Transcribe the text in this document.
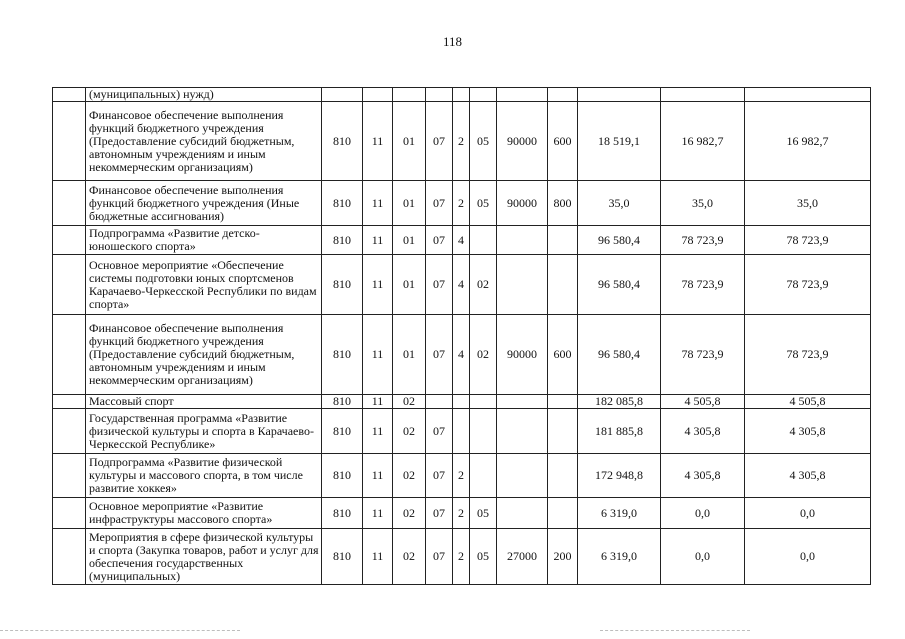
118
	(муниципальных) нужд)											
	Финансовое обеспечение выполнения функций бюджетного учреждения (Предоставление субсидий бюджетным, автономным учреждениям и иным некоммерческим организациям)	810	11	01	07	2	05	90000	600	18 519,1	16 982,7	16 982,7
	Финансовое обеспечение выполнения функций бюджетного учреждения (Иные бюджетные ассигнования)	810	11	01	07	2	05	90000	800	35,0	35,0	35,0
	Подпрограмма «Развитие детско-юношеского спорта»	810	11	01	07	4				96 580,4	78 723,9	78 723,9
	Основное мероприятие «Обеспечение системы подготовки юных спортсменов Карачаево-Черкесской Республики по видам спорта»	810	11	01	07	4	02			96 580,4	78 723,9	78 723,9
	Финансовое обеспечение выполнения функций бюджетного учреждения (Предоставление субсидий бюджетным, автономным учреждениям и иным некоммерческим организациям)	810	11	01	07	4	02	90000	600	96 580,4	78 723,9	78 723,9
	Массовый спорт	810	11	02						182 085,8	4 505,8	4 505,8
	Государственная программа «Развитие физической культуры и спорта в Карачаево-Черкесской Республике»	810	11	02	07					181 885,8	4 305,8	4 305,8
	Подпрограмма «Развитие физической культуры и массового спорта, в том числе развитие хоккея»	810	11	02	07	2				172 948,8	4 305,8	4 305,8
	Основное мероприятие «Развитие инфраструктуры массового спорта»	810	11	02	07	2	05			6 319,0	0,0	0,0
	Мероприятия в сфере физической культуры и спорта (Закупка товаров, работ и услуг для обеспечения государственных (муниципальных)	810	11	02	07	2	05	27000	200	6 319,0	0,0	0,0
